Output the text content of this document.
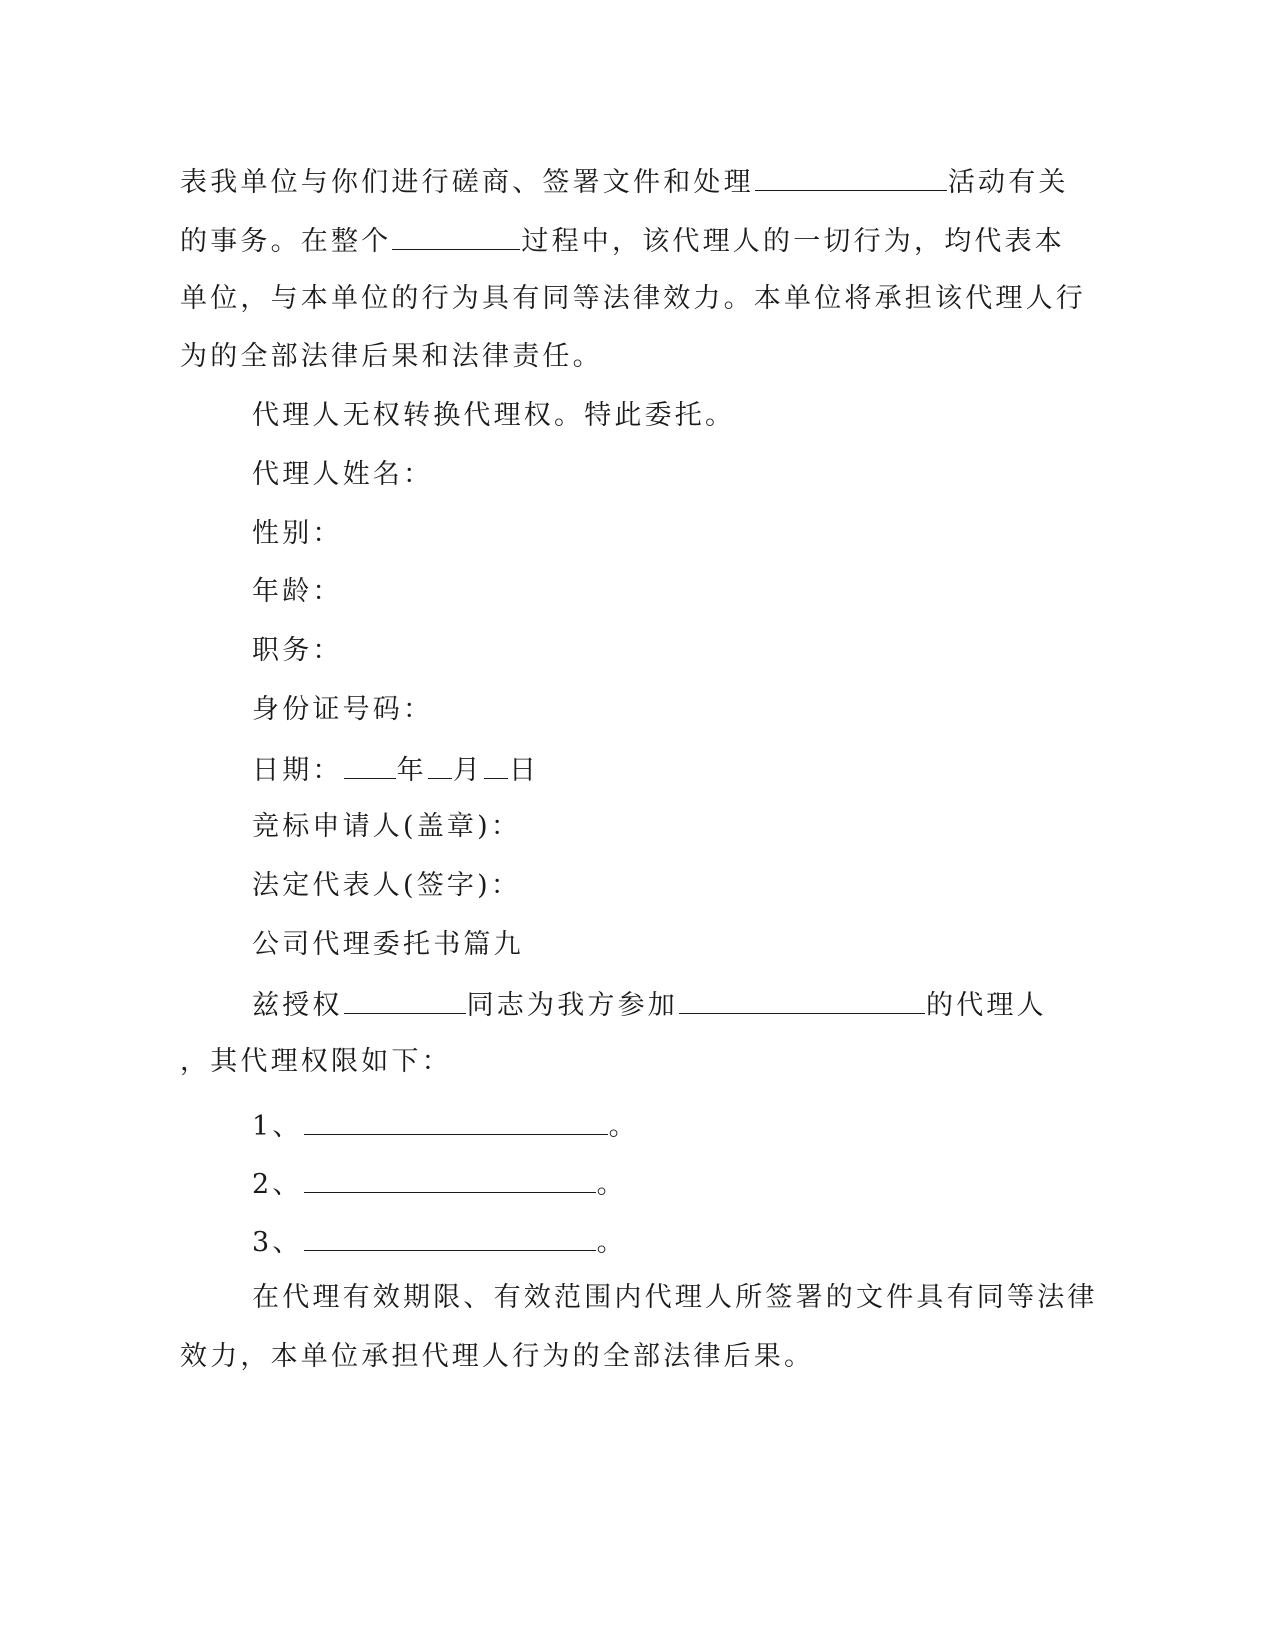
表我单位与你们进行磋商、签署文件和处理	活动有关
的事务。在整个	过程中，该代理人的一切行为，均代表本
单位，与本单位的行为具有同等法律效力。本单位将承担该代理人行
为的全部法律后果和法律责任。
代理人无权转换代理权。特此委托。
代理人姓名：
性别：
年龄：
职务：
身份证号码：
日期： 年 月 日
竞标申请人(盖章)：
法定代表人(签字)：
公司代理委托书篇九
兹授权	同志为我方参加	的代理人
，其代理权限如下：
1、	。
2、	。
3、	。
在代理有效期限、有效范围内代理人所签署的文件具有同等法律
效力，本单位承担代理人行为的全部法律后果。
